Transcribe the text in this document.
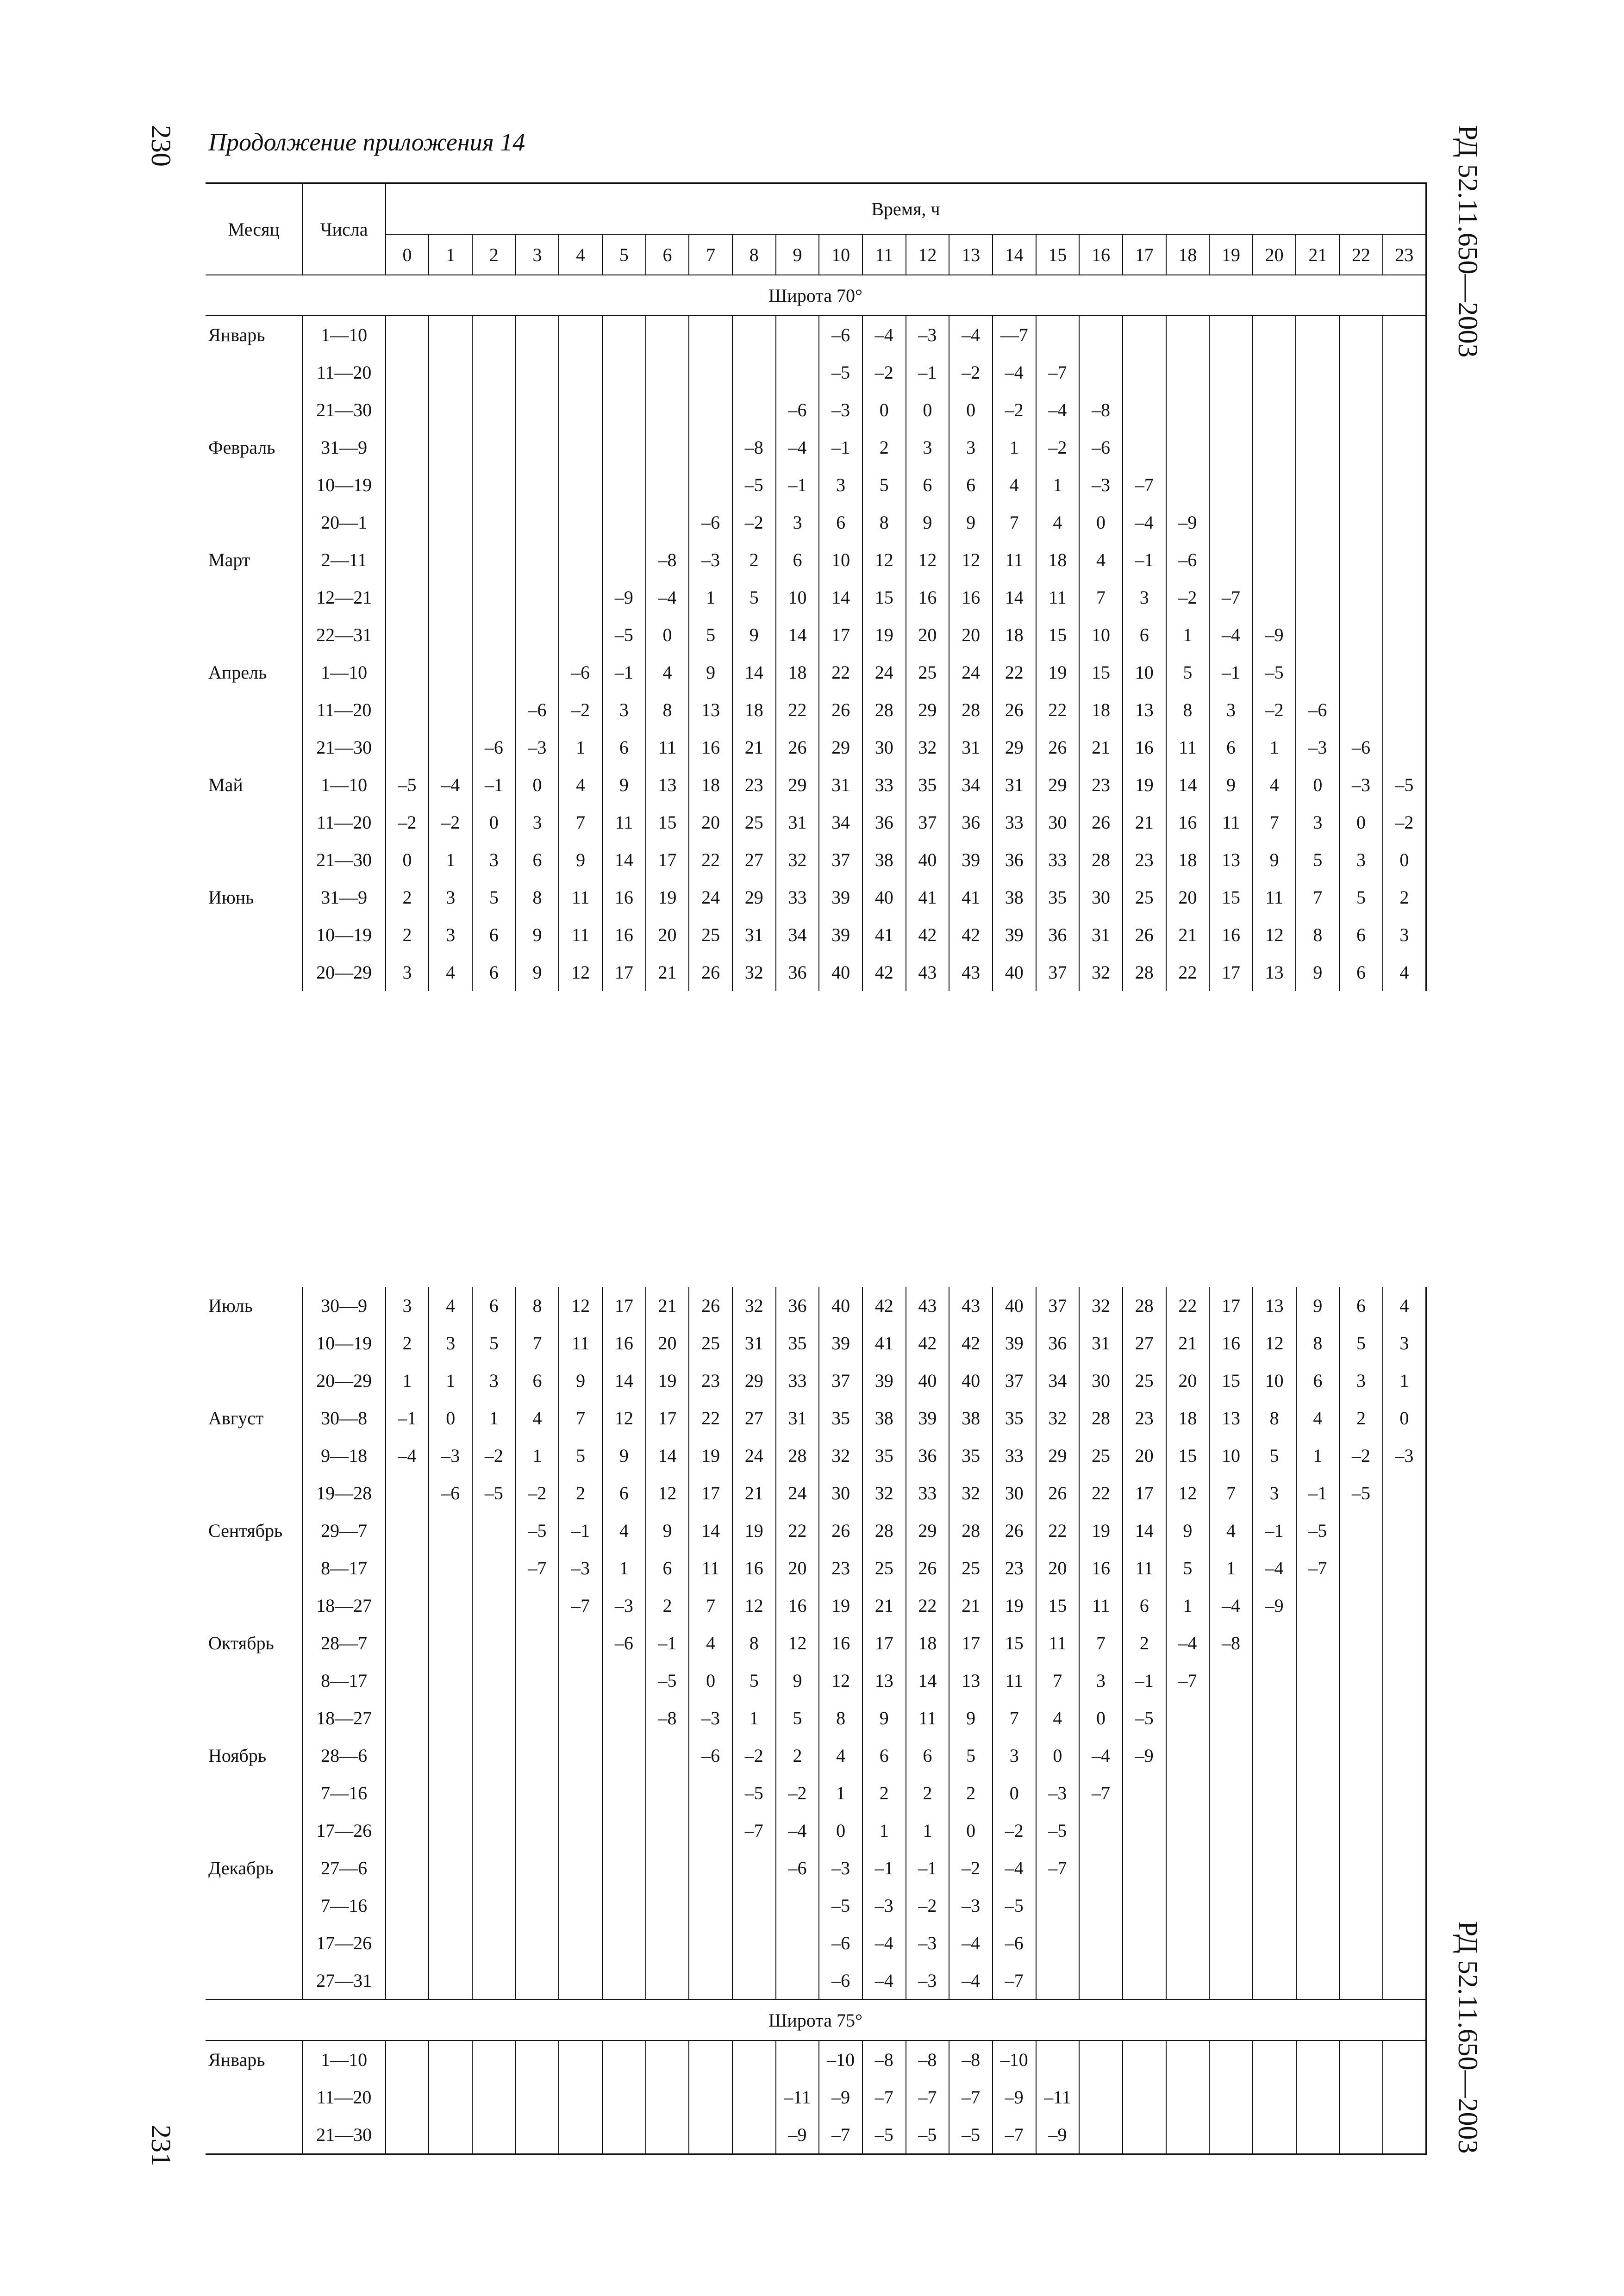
230
231
РД 52.11.650—2003
РД 52.11.650—2003
Продолжение приложения 14
Месяц	Числа	Время, ч																							
		0	1	2	3	4	5	6	7	8	9	10	11	12	13	14	15	16	17	18	19	20	21	22	23
Широта 70°																									
Январь	1—10											–6	–4	–3	–4	—7									
	11—20											–5	–2	–1	–2	–4	–7								
	21—30										–6	–3	0	0	0	–2	–4	–8							
Февраль	31—9									–8	–4	–1	2	3	3	1	–2	–6							
	10—19									–5	–1	3	5	6	6	4	1	–3	–7						
	20—1								–6	–2	3	6	8	9	9	7	4	0	–4	–9					
Март	2—11							–8	–3	2	6	10	12	12	12	11	18	4	–1	–6					
	12—21						–9	–4	1	5	10	14	15	16	16	14	11	7	3	–2	–7				
	22—31						–5	0	5	9	14	17	19	20	20	18	15	10	6	1	–4	–9			
Апрель	1—10					–6	–1	4	9	14	18	22	24	25	24	22	19	15	10	5	–1	–5			
	11—20				–6	–2	3	8	13	18	22	26	28	29	28	26	22	18	13	8	3	–2	–6		
	21—30			–6	–3	1	6	11	16	21	26	29	30	32	31	29	26	21	16	11	6	1	–3	–6	
Май	1—10	–5	–4	–1	0	4	9	13	18	23	29	31	33	35	34	31	29	23	19	14	9	4	0	–3	–5
	11—20	–2	–2	0	3	7	11	15	20	25	31	34	36	37	36	33	30	26	21	16	11	7	3	0	–2
	21—30	0	1	3	6	9	14	17	22	27	32	37	38	40	39	36	33	28	23	18	13	9	5	3	0
Июнь	31—9	2	3	5	8	11	16	19	24	29	33	39	40	41	41	38	35	30	25	20	15	11	7	5	2
	10—19	2	3	6	9	11	16	20	25	31	34	39	41	42	42	39	36	31	26	21	16	12	8	6	3
	20—29	3	4	6	9	12	17	21	26	32	36	40	42	43	43	40	37	32	28	22	17	13	9	6	4
Июль	30—9	3	4	6	8	12	17	21	26	32	36	40	42	43	43	40	37	32	28	22	17	13	9	6	4
	10—19	2	3	5	7	11	16	20	25	31	35	39	41	42	42	39	36	31	27	21	16	12	8	5	3
	20—29	1	1	3	6	9	14	19	23	29	33	37	39	40	40	37	34	30	25	20	15	10	6	3	1
Август	30—8	–1	0	1	4	7	12	17	22	27	31	35	38	39	38	35	32	28	23	18	13	8	4	2	0
	9—18	–4	–3	–2	1	5	9	14	19	24	28	32	35	36	35	33	29	25	20	15	10	5	1	–2	–3
	19—28		–6	–5	–2	2	6	12	17	21	24	30	32	33	32	30	26	22	17	12	7	3	–1	–5	
Сентябрь	29—7				–5	–1	4	9	14	19	22	26	28	29	28	26	22	19	14	9	4	–1	–5		
	8—17				–7	–3	1	6	11	16	20	23	25	26	25	23	20	16	11	5	1	–4	–7		
	18—27					–7	–3	2	7	12	16	19	21	22	21	19	15	11	6	1	–4	–9			
Октябрь	28—7						–6	–1	4	8	12	16	17	18	17	15	11	7	2	–4	–8				
	8—17							–5	0	5	9	12	13	14	13	11	7	3	–1	–7					
	18—27							–8	–3	1	5	8	9	11	9	7	4	0	–5						
Ноябрь	28—6								–6	–2	2	4	6	6	5	3	0	–4	–9						
	7—16									–5	–2	1	2	2	2	0	–3	–7							
	17—26									–7	–4	0	1	1	0	–2	–5								
Декабрь	27—6										–6	–3	–1	–1	–2	–4	–7								
	7—16											–5	–3	–2	–3	–5									
	17—26											–6	–4	–3	–4	–6									
	27—31											–6	–4	–3	–4	–7									
Широта 75°																									
Январь	1—10											–10	–8	–8	–8	–10									
	11—20										–11	–9	–7	–7	–7	–9	–11								
	21—30										–9	–7	–5	–5	–5	–7	–9								
